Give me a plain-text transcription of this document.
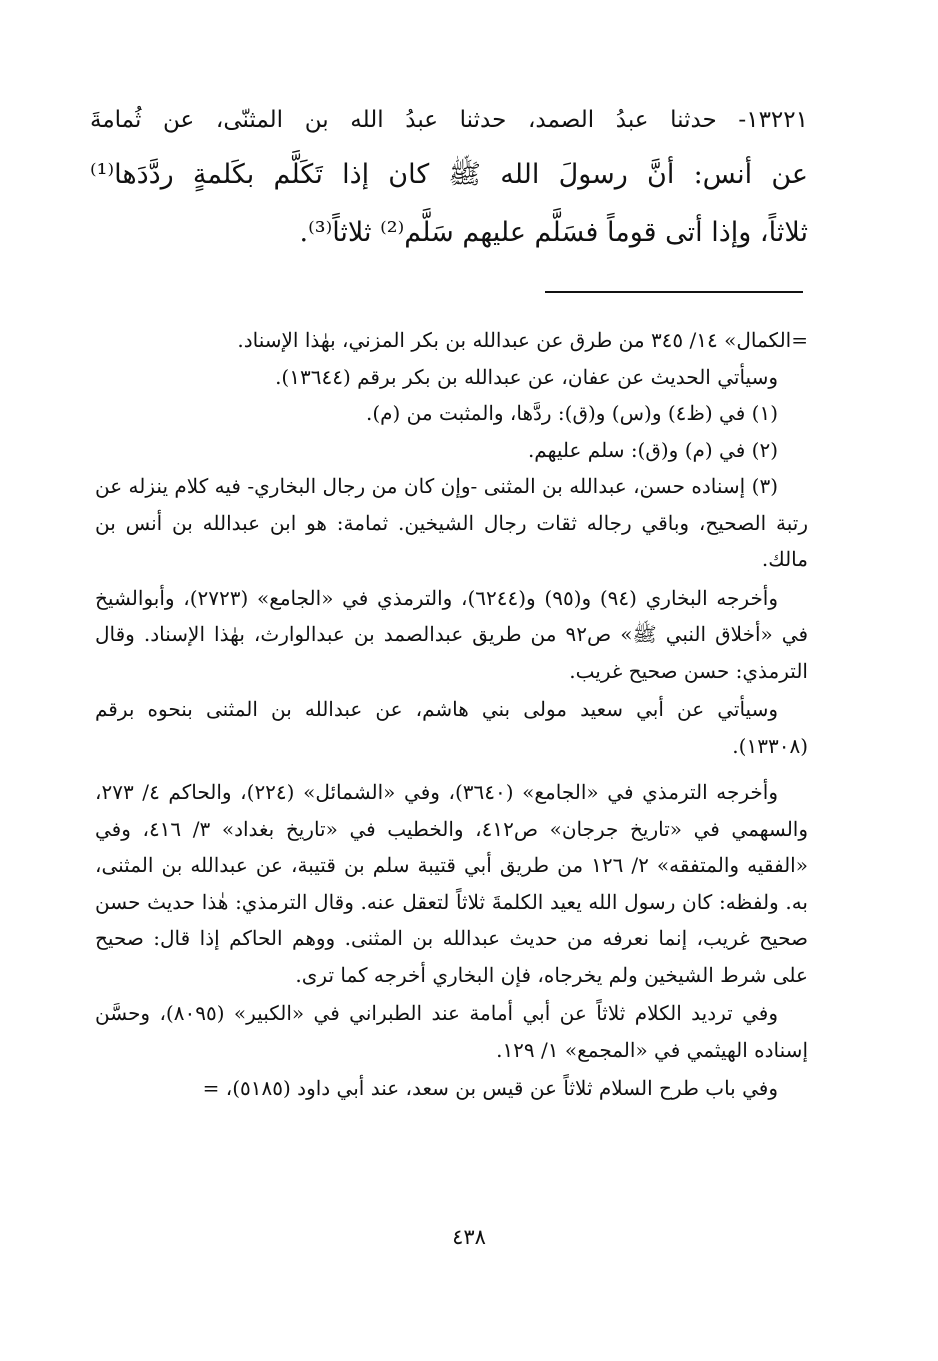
١٣٢٢١- حدثنا عبدُ الصمد، حدثنا عبدُ الله بن المثنّى، عن ثُمامةَ
عن أنس: أنَّ رسولَ الله ﷺ كان إذا تَكَلَّم بكَلمةٍ ردَّدَها⁽¹⁾
ثلاثاً، وإذا أتى قوماً فسَلَّم عليهم سَلَّم⁽²⁾ ثلاثاً⁽³⁾.

=الكمال» ١٤/ ٣٤٥ من طرق عن عبدالله بن بكر المزني، بهٰذا الإسناد.

وسيأتي الحديث عن عفان، عن عبدالله بن بكر برقم (١٣٦٤٤).

(١) في (ظ٤) و(س) و(ق): ردَّها، والمثبت من (م).

(٢) في (م) و(ق): سلم عليهم.

(٣) إسناده حسن، عبدالله بن المثنى -وإن كان من رجال البخاري- فيه كلام ينزله عن رتبة الصحيح، وباقي رجاله ثقات رجال الشيخين. ثمامة: هو ابن عبدالله بن أنس بن مالك.

وأخرجه البخاري (٩٤) و(٩٥) و(٦٢٤٤)، والترمذي في «الجامع» (٢٧٢٣)، وأبوالشيخ في «أخلاق النبي ﷺ» ص٩٢ من طريق عبدالصمد بن عبدالوارث، بهٰذا الإسناد. وقال الترمذي: حسن صحيح غريب.

وسيأتي عن أبي سعيد مولى بني هاشم، عن عبدالله بن المثنى بنحوه برقم (١٣٣٠٨).

وأخرجه الترمذي في «الجامع» (٣٦٤٠)، وفي «الشمائل» (٢٢٤)، والحاكم ٤/ ٢٧٣، والسهمي في «تاريخ جرجان» ص٤١٢، والخطيب في «تاريخ بغداد» ٣/ ٤١٦، وفي «الفقيه والمتفقه» ٢/ ١٢٦ من طريق أبي قتيبة سلم بن قتيبة، عن عبدالله بن المثنى، به. ولفظه: كان رسول الله يعيد الكلمةَ ثلاثاً لتعقل عنه. وقال الترمذي: هٰذا حديث حسن صحيح غريب، إنما نعرفه من حديث عبدالله بن المثنى. ووهم الحاكم إذا قال: صحيح على شرط الشيخين ولم يخرجاه، فإن البخاري أخرجه كما ترى.

وفي ترديد الكلام ثلاثاً عن أبي أمامة عند الطبراني في «الكبير» (٨٠٩٥)، وحسَّن إسناده الهيثمي في «المجمع» ١/ ١٢٩.

وفي باب طرح السلام ثلاثاً عن قيس بن سعد، عند أبي داود (٥١٨٥)، =

٤٣٨
